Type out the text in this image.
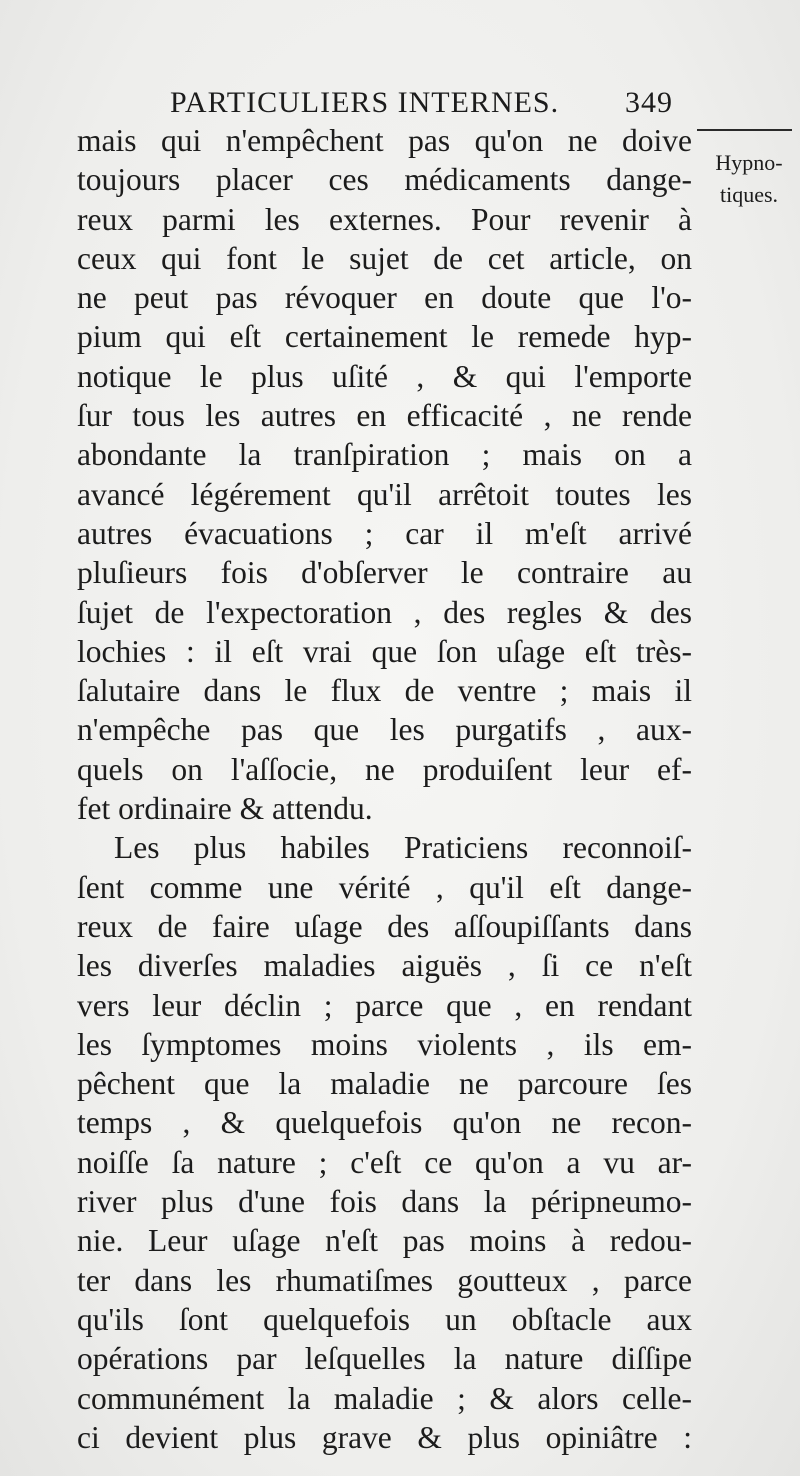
PARTICULIERS INTERNES. 349
Hypno-
tiques.
mais qui n'empêchent pas qu'on ne doive
toujours placer ces médicaments dange-
reux parmi les externes. Pour revenir à
ceux qui font le sujet de cet article, on
ne peut pas révoquer en doute que l'o-
pium qui eſt certainement le remede hyp-
notique le plus uſité , & qui l'emporte
ſur tous les autres en efficacité , ne rende
abondante la tranſpiration ; mais on a
avancé légérement qu'il arrêtoit toutes les
autres évacuations ; car il m'eſt arrivé
pluſieurs fois d'obſerver le contraire au
ſujet de l'expectoration , des regles & des
lochies : il eſt vrai que ſon uſage eſt très-
ſalutaire dans le flux de ventre ; mais il
n'empêche pas que les purgatifs , aux-
quels on l'aſſocie, ne produiſent leur ef-
fet ordinaire & attendu.
Les plus habiles Praticiens reconnoiſ-
ſent comme une vérité , qu'il eſt dange-
reux de faire uſage des aſſoupiſſants dans
les diverſes maladies aiguës , ſi ce n'eſt
vers leur déclin ; parce que , en rendant
les ſymptomes moins violents , ils em-
pêchent que la maladie ne parcoure ſes
temps , & quelquefois qu'on ne recon-
noiſſe ſa nature ; c'eſt ce qu'on a vu ar-
river plus d'une fois dans la péripneumo-
nie. Leur uſage n'eſt pas moins à redou-
ter dans les rhumatiſmes goutteux , parce
qu'ils ſont quelquefois un obſtacle aux
opérations par leſquelles la nature diſſipe
communément la maladie ; & alors celle-
ci devient plus grave & plus opiniâtre :
